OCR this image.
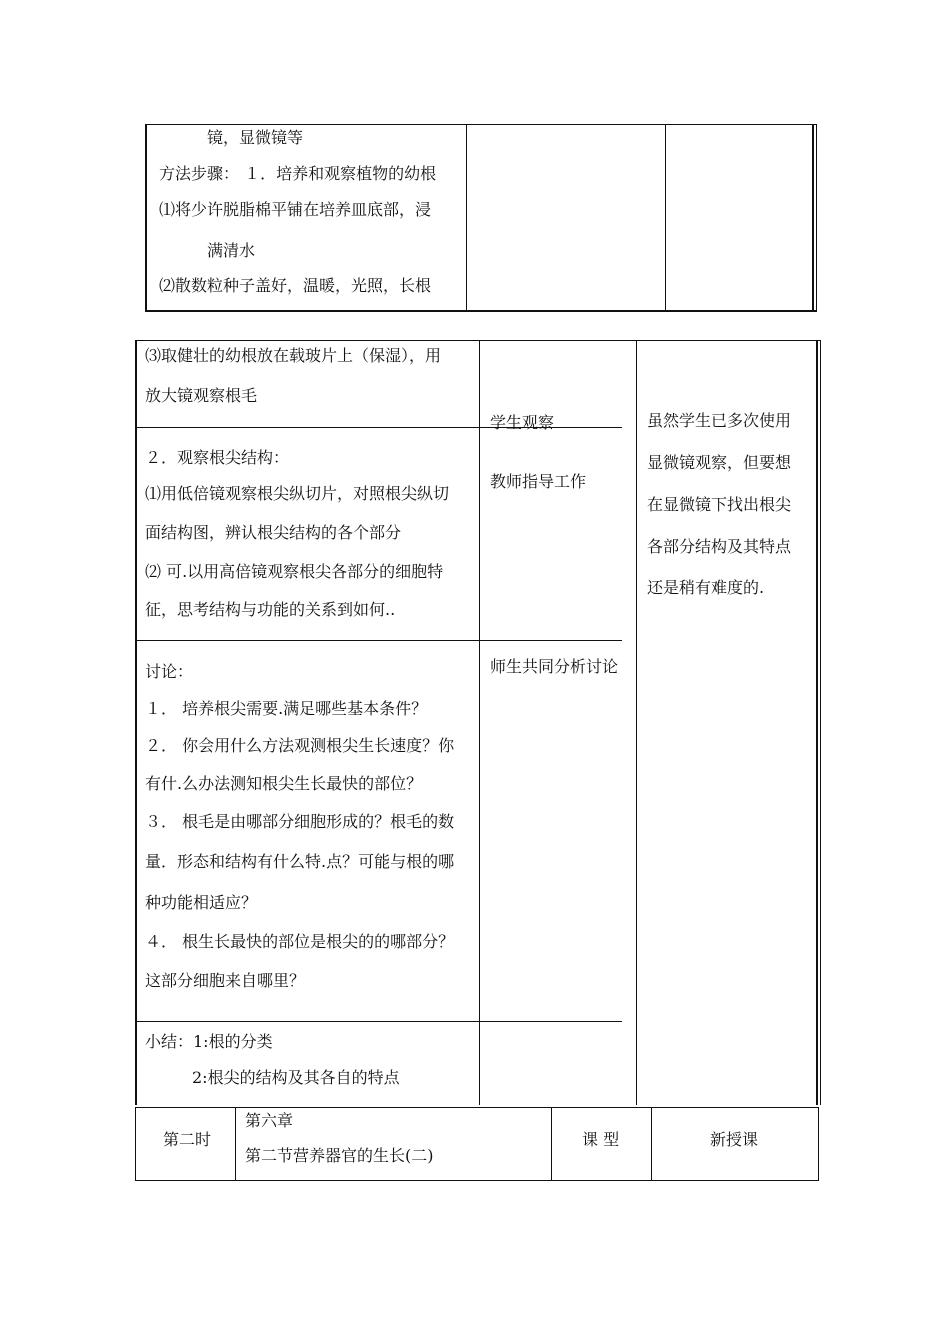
镜，显微镜等
方法步骤： １．培养和观察植物的幼根
⑴将少许脱脂棉平铺在培养皿底部，浸
满清水
⑵散数粒种子盖好，温暖，光照，长根
⑶取健壮的幼根放在载玻片上（保湿），用
放大镜观察根毛
２．观察根尖结构：
⑴用低倍镜观察根尖纵切片，对照根尖纵切
面结构图，辨认根尖结构的各个部分
⑵ 可.以用高倍镜观察根尖各部分的细胞特
征，思考结构与功能的关系到如何..
讨论：
１． 培养根尖需要.满足哪些基本条件？
２． 你会用什么方法观测根尖生长速度？你
有什.么办法测知根尖生长最快的部位？
３． 根毛是由哪部分细胞形成的？根毛的数
量．形态和结构有什么特.点？可能与根的哪
种功能相适应？
４． 根生长最快的部位是根尖的的哪部分？
这部分细胞来自哪里？
小结：1:根的分类
2:根尖的结构及其各自的特点
学生观察
教师指导工作
师生共同分析讨论
虽然学生已多次使用
显微镜观察，但要想
在显微镜下找出根尖
各部分结构及其特点
还是稍有难度的.
第二时
第六章
第二节营养器官的生长(二)
课 型	新授课
